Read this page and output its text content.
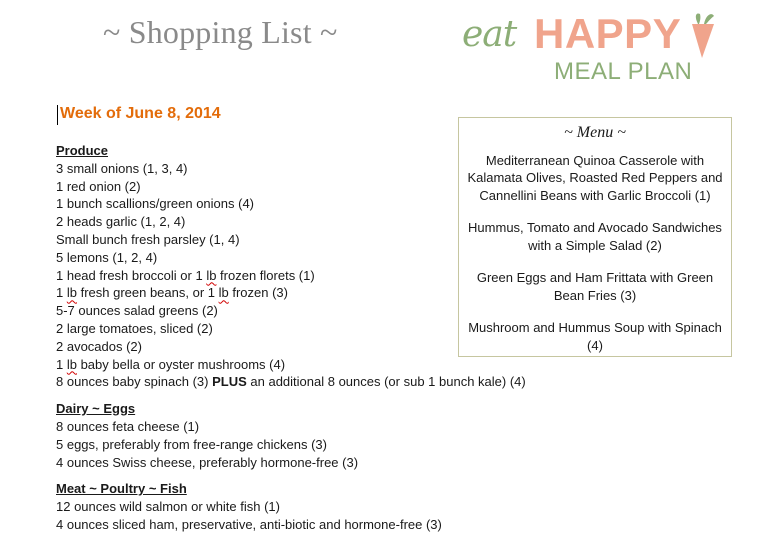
~ Shopping List ~	eat HAPPY
MEAL PLAN
Week of June 8, 2014
Produce
3 small onions (1, 3, 4)
1 red onion (2)
1 bunch scallions/green onions (4)
2 heads garlic (1, 2, 4)
Small bunch fresh parsley (1, 4)
5 lemons (1, 2, 4)
1 head fresh broccoli or 1 lb frozen florets (1)
1 lb fresh green beans, or 1 lb frozen (3)
5-7 ounces salad greens (2)
2 large tomatoes, sliced (2)
2 avocados (2)
1 lb baby bella or oyster mushrooms (4)
8 ounces baby spinach (3) PLUS an additional 8 ounces (or sub 1 bunch kale) (4)
Dairy ~ Eggs
8 ounces feta cheese (1)
5 eggs, preferably from free-range chickens (3)
4 ounces Swiss cheese, preferably hormone-free (3)
Meat ~ Poultry ~ Fish
12 ounces wild salmon or white fish (1)
4 ounces sliced ham, preservative, anti-biotic and hormone-free (3)
~ Menu ~
Mediterranean Quinoa Casserole with Kalamata Olives, Roasted Red Peppers and Cannellini Beans with Garlic Broccoli (1)
Hummus, Tomato and Avocado Sandwiches with a Simple Salad (2)
Green Eggs and Ham Frittata with Green Bean Fries (3)
Mushroom and Hummus Soup with Spinach (4)
